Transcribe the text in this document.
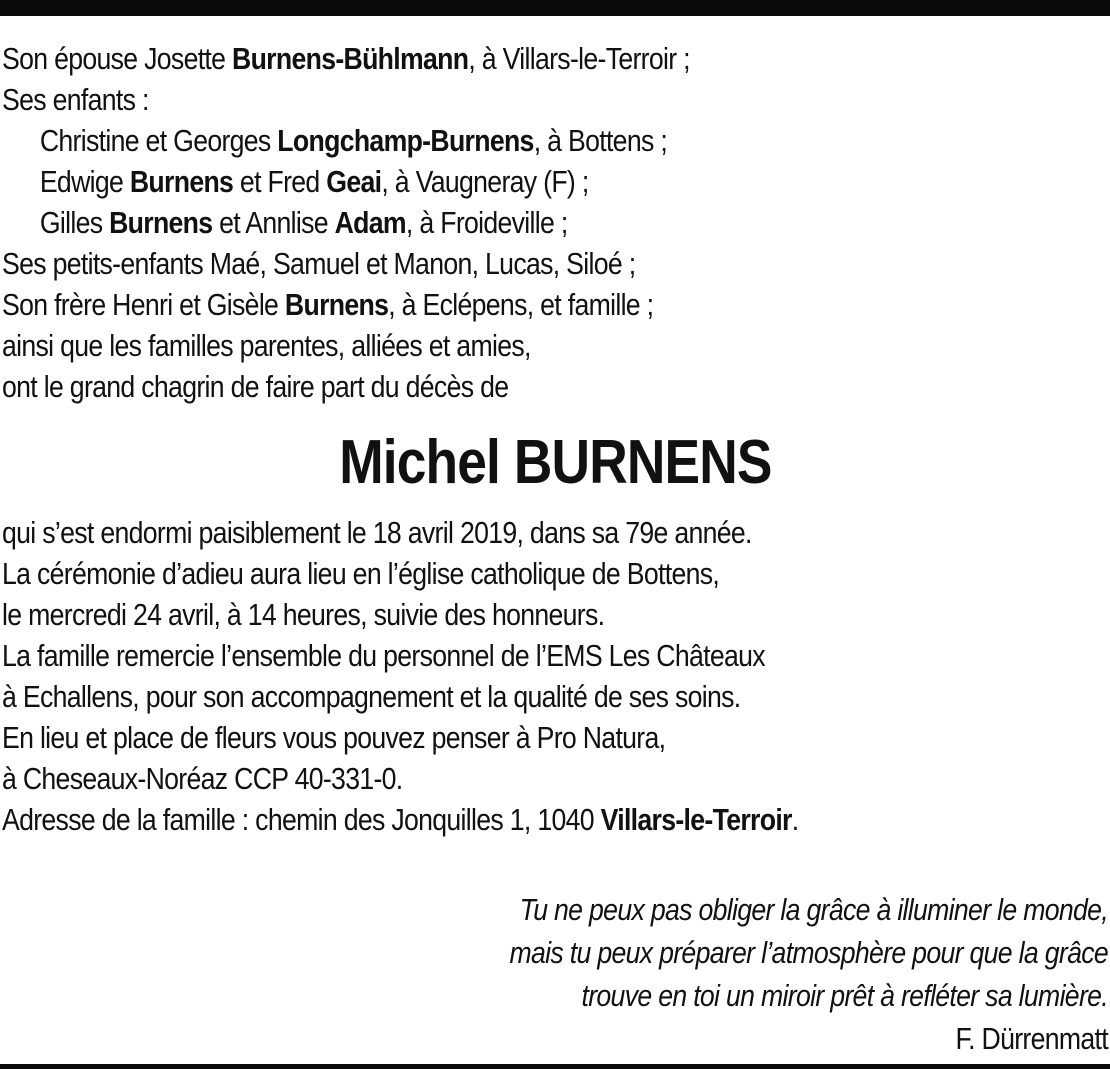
Son épouse Josette Burnens-Bühlmann, à Villars-le-Terroir ;
Ses enfants :
Christine et Georges Longchamp-Burnens, à Bottens ;
Edwige Burnens et Fred Geai, à Vaugneray (F) ;
Gilles Burnens et Annlise Adam, à Froideville ;
Ses petits-enfants Maé, Samuel et Manon, Lucas, Siloé ;
Son frère Henri et Gisèle Burnens, à Eclépens, et famille ;
ainsi que les familles parentes, alliées et amies,
ont le grand chagrin de faire part du décès de
Michel BURNENS
qui s’est endormi paisiblement le 18 avril 2019, dans sa 79e année.
La cérémonie d’adieu aura lieu en l’église catholique de Bottens,
le mercredi 24 avril, à 14 heures, suivie des honneurs.
La famille remercie l’ensemble du personnel de l’EMS Les Châteaux
à Echallens, pour son accompagnement et la qualité de ses soins.
En lieu et place de fleurs vous pouvez penser à Pro Natura,
à Cheseaux-Noréaz CCP 40-331-0.
Adresse de la famille : chemin des Jonquilles 1, 1040 Villars-le-Terroir.
Tu ne peux pas obliger la grâce à illuminer le monde,
mais tu peux préparer l’atmosphère pour que la grâce
trouve en toi un miroir prêt à refléter sa lumière.
F. Dürrenmatt
